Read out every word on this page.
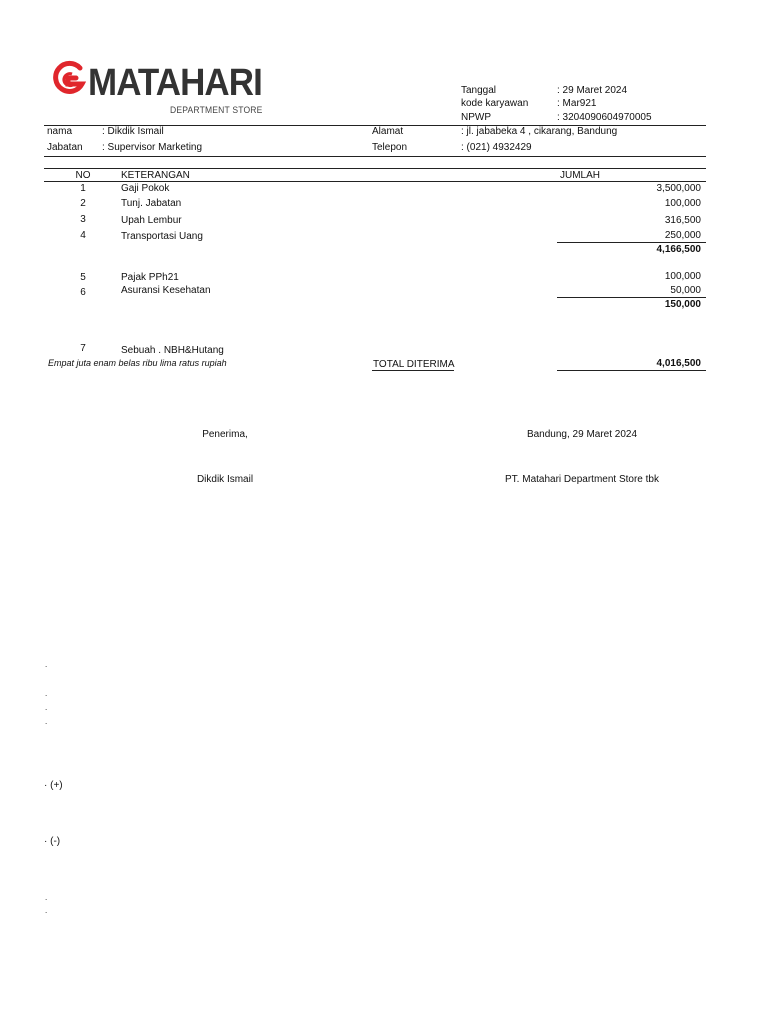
MATAHARI
DEPARTMENT STORE
Tanggal	: 29 Maret 2024
kode karyawan	: Mar921
NPWP	: 3204090604970005
nama	: Dikdik Ismail	Alamat	: jl. jababeka 4 , cikarang, Bandung
Jabatan : Supervisor Marketing	Telepon	: (021) 4932429
NO	KETERANGAN	JUMLAH
1	Gaji Pokok	3,500,000
2	Tunj. Jabatan	100,000
3	Upah Lembur	316,500
4	Transportasi Uang	250,000
4,166,500
5	Pajak PPh21	100,000
6	Asuransi Kesehatan	50,000
150,000
7	Sebuah . NBH&Hutang
Empat juta enam belas ribu lima ratus rupiah	TOTAL DITERIMA	4,016,500
Penerima,
Dikdik Ismail
Bandung, 29 Maret 2024
PT. Matahari Department Store tbk
.
.
.
.
· (+)
· (-)
.
.
